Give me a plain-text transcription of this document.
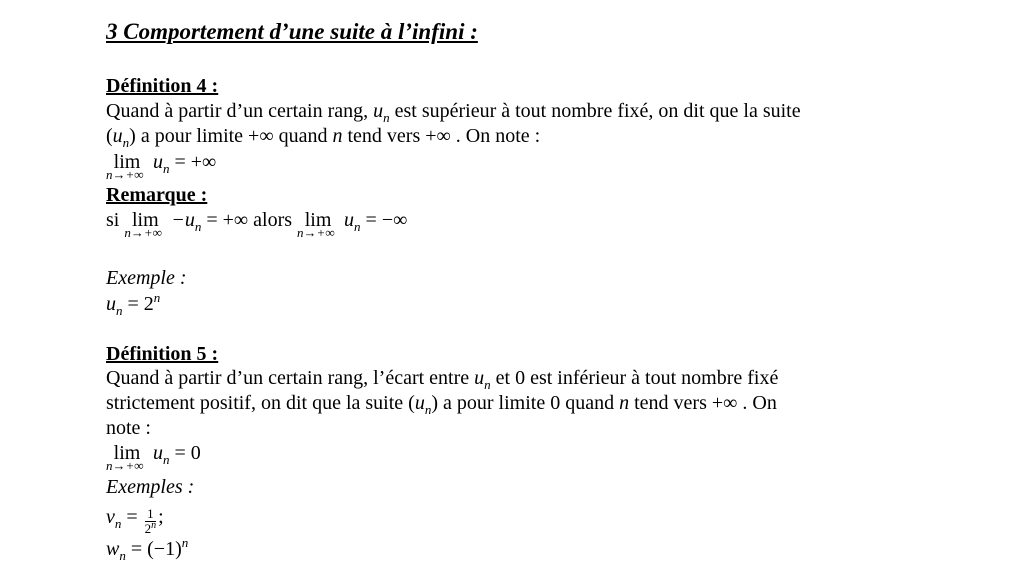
3 Comportement d’une suite à l’infini :
Définition 4 :
Quand à partir d’un certain rang, $u_n$ est supérieur à tout nombre fixé, on dit que la suite
$(u_n)$ a pour limite +∞ quand n tend vers +∞ . On note :
lim
n→+∞
$u_n$ = +∞
Remarque :
si lim
n→+∞
$-u_n$ = +∞ alors lim
n→+∞
$u_n$ = −∞
Exemple :
$u_n = 2^n$
Définition 5 :
Quand à partir d’un certain rang, l’écart entre $u_n$ et 0 est inférieur à tout nombre fixé
strictement positif, on dit que la suite $(u_n)$ a pour limite 0 quand n tend vers +∞ . On
note :
lim
n→+∞
$u_n = 0$
Exemples :
$v_n = \frac{1}{2^n}$ ;
$w_n = (-1)^n$
